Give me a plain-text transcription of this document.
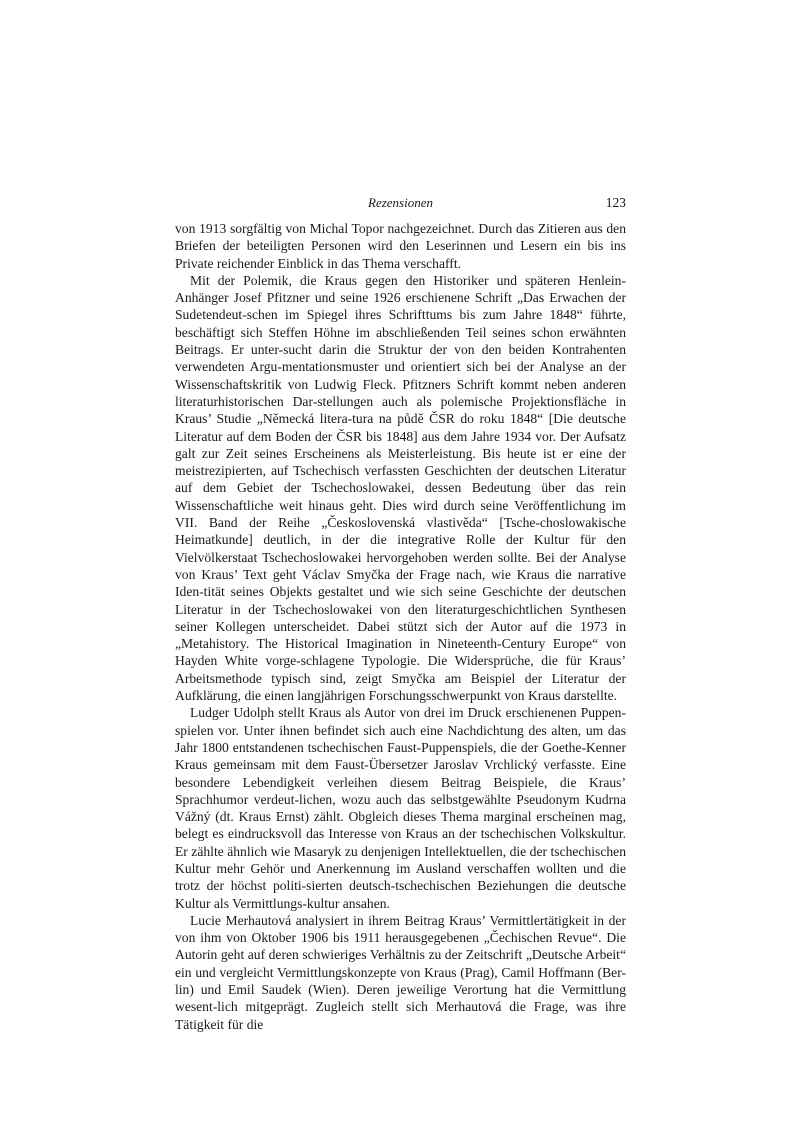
Rezensionen	123

von 1913 sorgfältig von Michal Topor nachgezeichnet. Durch das Zitieren aus den Briefen der beteiligten Personen wird den Leserinnen und Lesern ein bis ins Private reichender Einblick in das Thema verschafft.

Mit der Polemik, die Kraus gegen den Historiker und späteren Henlein-Anhänger Josef Pfitzner und seine 1926 erschienene Schrift „Das Erwachen der Sudetendeut-schen im Spiegel ihres Schrifttums bis zum Jahre 1848“ führte, beschäftigt sich Steffen Höhne im abschließenden Teil seines schon erwähnten Beitrags. Er unter-sucht darin die Struktur der von den beiden Kontrahenten verwendeten Argu-mentationsmuster und orientiert sich bei der Analyse an der Wissenschaftskritik von Ludwig Fleck. Pfitzners Schrift kommt neben anderen literaturhistorischen Dar-stellungen auch als polemische Projektionsfläche in Kraus’ Studie „Německá litera-tura na půdě ČSR do roku 1848“ [Die deutsche Literatur auf dem Boden der ČSR bis 1848] aus dem Jahre 1934 vor. Der Aufsatz galt zur Zeit seines Erscheinens als Meisterleistung. Bis heute ist er eine der meistrezipierten, auf Tschechisch verfassten Geschichten der deutschen Literatur auf dem Gebiet der Tschechoslowakei, dessen Bedeutung über das rein Wissenschaftliche weit hinaus geht. Dies wird durch seine Veröffentlichung im VII. Band der Reihe „Československá vlastivěda“ [Tsche-choslowakische Heimatkunde] deutlich, in der die integrative Rolle der Kultur für den Vielvölkerstaat Tschechoslowakei hervorgehoben werden sollte. Bei der Analyse von Kraus’ Text geht Václav Smyčka der Frage nach, wie Kraus die narrative Iden-tität seines Objekts gestaltet und wie sich seine Geschichte der deutschen Literatur in der Tschechoslowakei von den literaturgeschichtlichen Synthesen seiner Kollegen unterscheidet. Dabei stützt sich der Autor auf die 1973 in „Metahistory. The Historical Imagination in Nineteenth-Century Europe“ von Hayden White vorge-schlagene Typologie. Die Widersprüche, die für Kraus’ Arbeitsmethode typisch sind, zeigt Smyčka am Beispiel der Literatur der Aufklärung, die einen langjährigen Forschungsschwerpunkt von Kraus darstellte.

Ludger Udolph stellt Kraus als Autor von drei im Druck erschienenen Puppen-spielen vor. Unter ihnen befindet sich auch eine Nachdichtung des alten, um das Jahr 1800 entstandenen tschechischen Faust-Puppenspiels, die der Goethe-Kenner Kraus gemeinsam mit dem Faust-Übersetzer Jaroslav Vrchlický verfasste. Eine besondere Lebendigkeit verleihen diesem Beitrag Beispiele, die Kraus’ Sprachhumor verdeut-lichen, wozu auch das selbstgewählte Pseudonym Kudrna Vážný (dt. Kraus Ernst) zählt. Obgleich dieses Thema marginal erscheinen mag, belegt es eindrucksvoll das Interesse von Kraus an der tschechischen Volkskultur. Er zählte ähnlich wie Masaryk zu denjenigen Intellektuellen, die der tschechischen Kultur mehr Gehör und Anerkennung im Ausland verschaffen wollten und die trotz der höchst politi-sierten deutsch-tschechischen Beziehungen die deutsche Kultur als Vermittlungs-kultur ansahen.

Lucie Merhautová analysiert in ihrem Beitrag Kraus’ Vermittlertätigkeit in der von ihm von Oktober 1906 bis 1911 herausgegebenen „Čechischen Revue“. Die Autorin geht auf deren schwieriges Verhältnis zu der Zeitschrift „Deutsche Arbeit“ ein und vergleicht Vermittlungskonzepte von Kraus (Prag), Camil Hoffmann (Ber-lin) und Emil Saudek (Wien). Deren jeweilige Verortung hat die Vermittlung wesent-lich mitgeprägt. Zugleich stellt sich Merhautová die Frage, was ihre Tätigkeit für die
